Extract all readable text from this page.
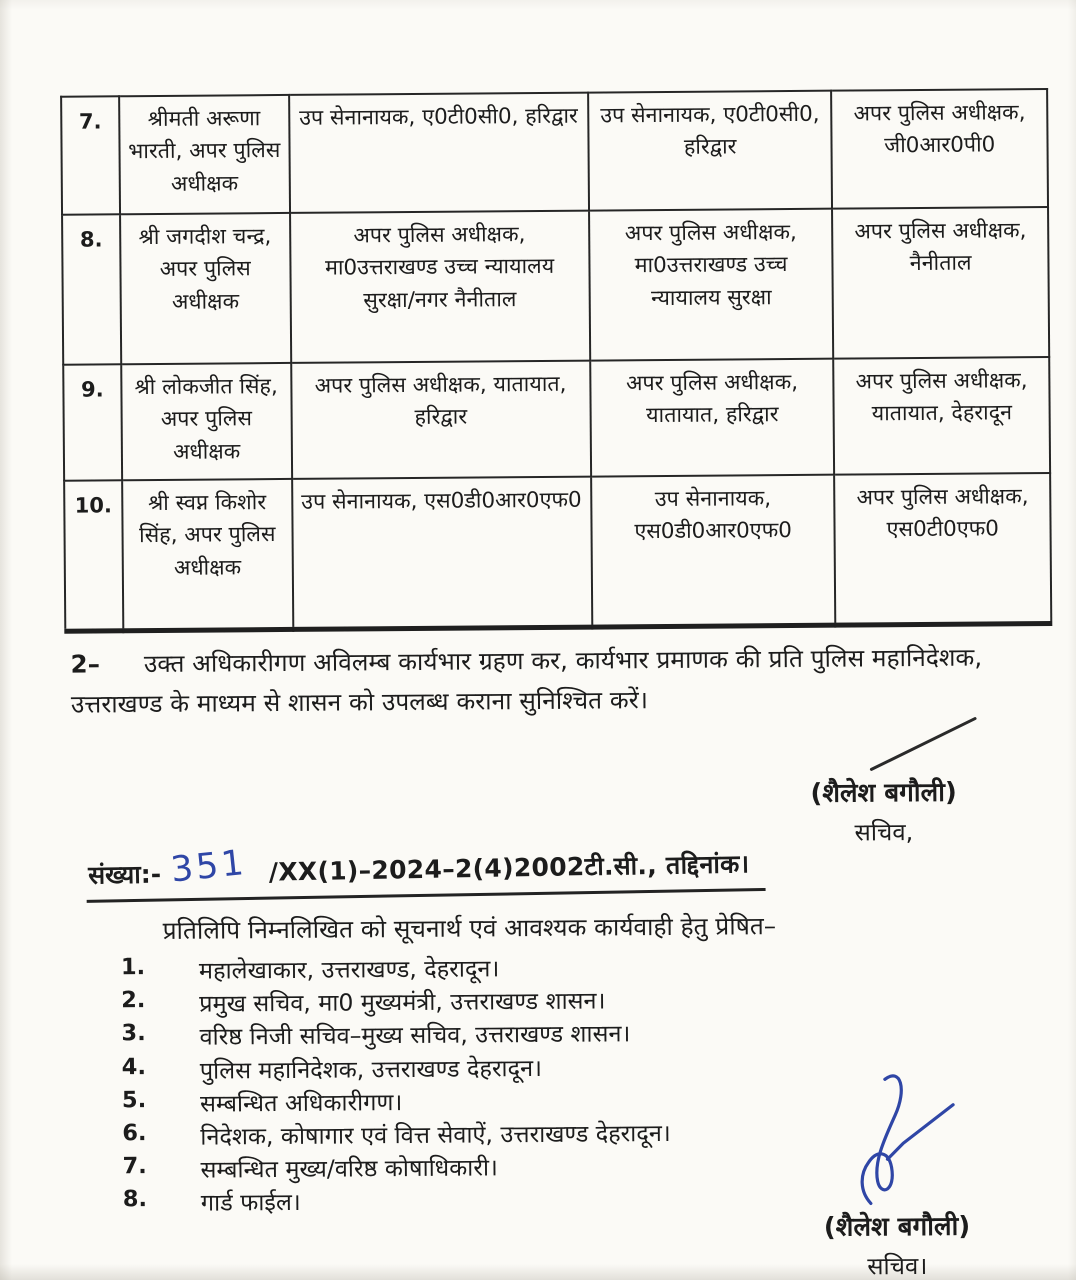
7.	श्रीमती अरूणा भारती, अपर पुलिस अधीक्षक	उप सेनानायक, ए0टी0सी0, हरिद्वार	उप सेनानायक, ए0टी0सी0, हरिद्वार	अपर पुलिस अधीक्षक, जी0आर0पी0
8.	श्री जगदीश चन्द्र, अपर पुलिस अधीक्षक	अपर पुलिस अधीक्षक, मा0उत्तराखण्ड उच्च न्यायालय सुरक्षा/नगर नैनीताल	अपर पुलिस अधीक्षक, मा0उत्तराखण्ड उच्च न्यायालय सुरक्षा	अपर पुलिस अधीक्षक, नैनीताल
9.	श्री लोकजीत सिंह, अपर पुलिस अधीक्षक	अपर पुलिस अधीक्षक, यातायात, हरिद्वार	अपर पुलिस अधीक्षक, यातायात, हरिद्वार	अपर पुलिस अधीक्षक, यातायात, देहरादून
10.	श्री स्वप्न किशोर सिंह, अपर पुलिस अधीक्षक	उप सेनानायक, एस0डी0आर0एफ0	उप सेनानायक, एस0डी0आर0एफ0	अपर पुलिस अधीक्षक, एस0टी0एफ0
2– उक्त अधिकारीगण अविलम्ब कार्यभार ग्रहण कर, कार्यभार प्रमाणक की प्रति पुलिस महानिदेशक, उत्तराखण्ड के माध्यम से शासन को उपलब्ध कराना सुनिश्चित करें।
(शैलेश बगौली)
सचिव,
संख्या:- 351 /XX(1)–2024–2(4)2002टी.सी., तद्दिनांक।
प्रतिलिपि निम्नलिखित को सूचनार्थ एवं आवश्यक कार्यवाही हेतु प्रेषित–
1.	महालेखाकार, उत्तराखण्ड, देहरादून।
2.	प्रमुख सचिव, मा0 मुख्यमंत्री, उत्तराखण्ड शासन।
3.	वरिष्ठ निजी सचिव–मुख्य सचिव, उत्तराखण्ड शासन।
4.	पुलिस महानिदेशक, उत्तराखण्ड देहरादून।
5.	सम्बन्धित अधिकारीगण।
6.	निदेशक, कोषागार एवं वित्त सेवाऐं, उत्तराखण्ड देहरादून।
7.	सम्बन्धित मुख्य/वरिष्ठ कोषाधिकारी।
8.	गार्ड फाईल।
(शैलेश बगौली)
सचिव।
